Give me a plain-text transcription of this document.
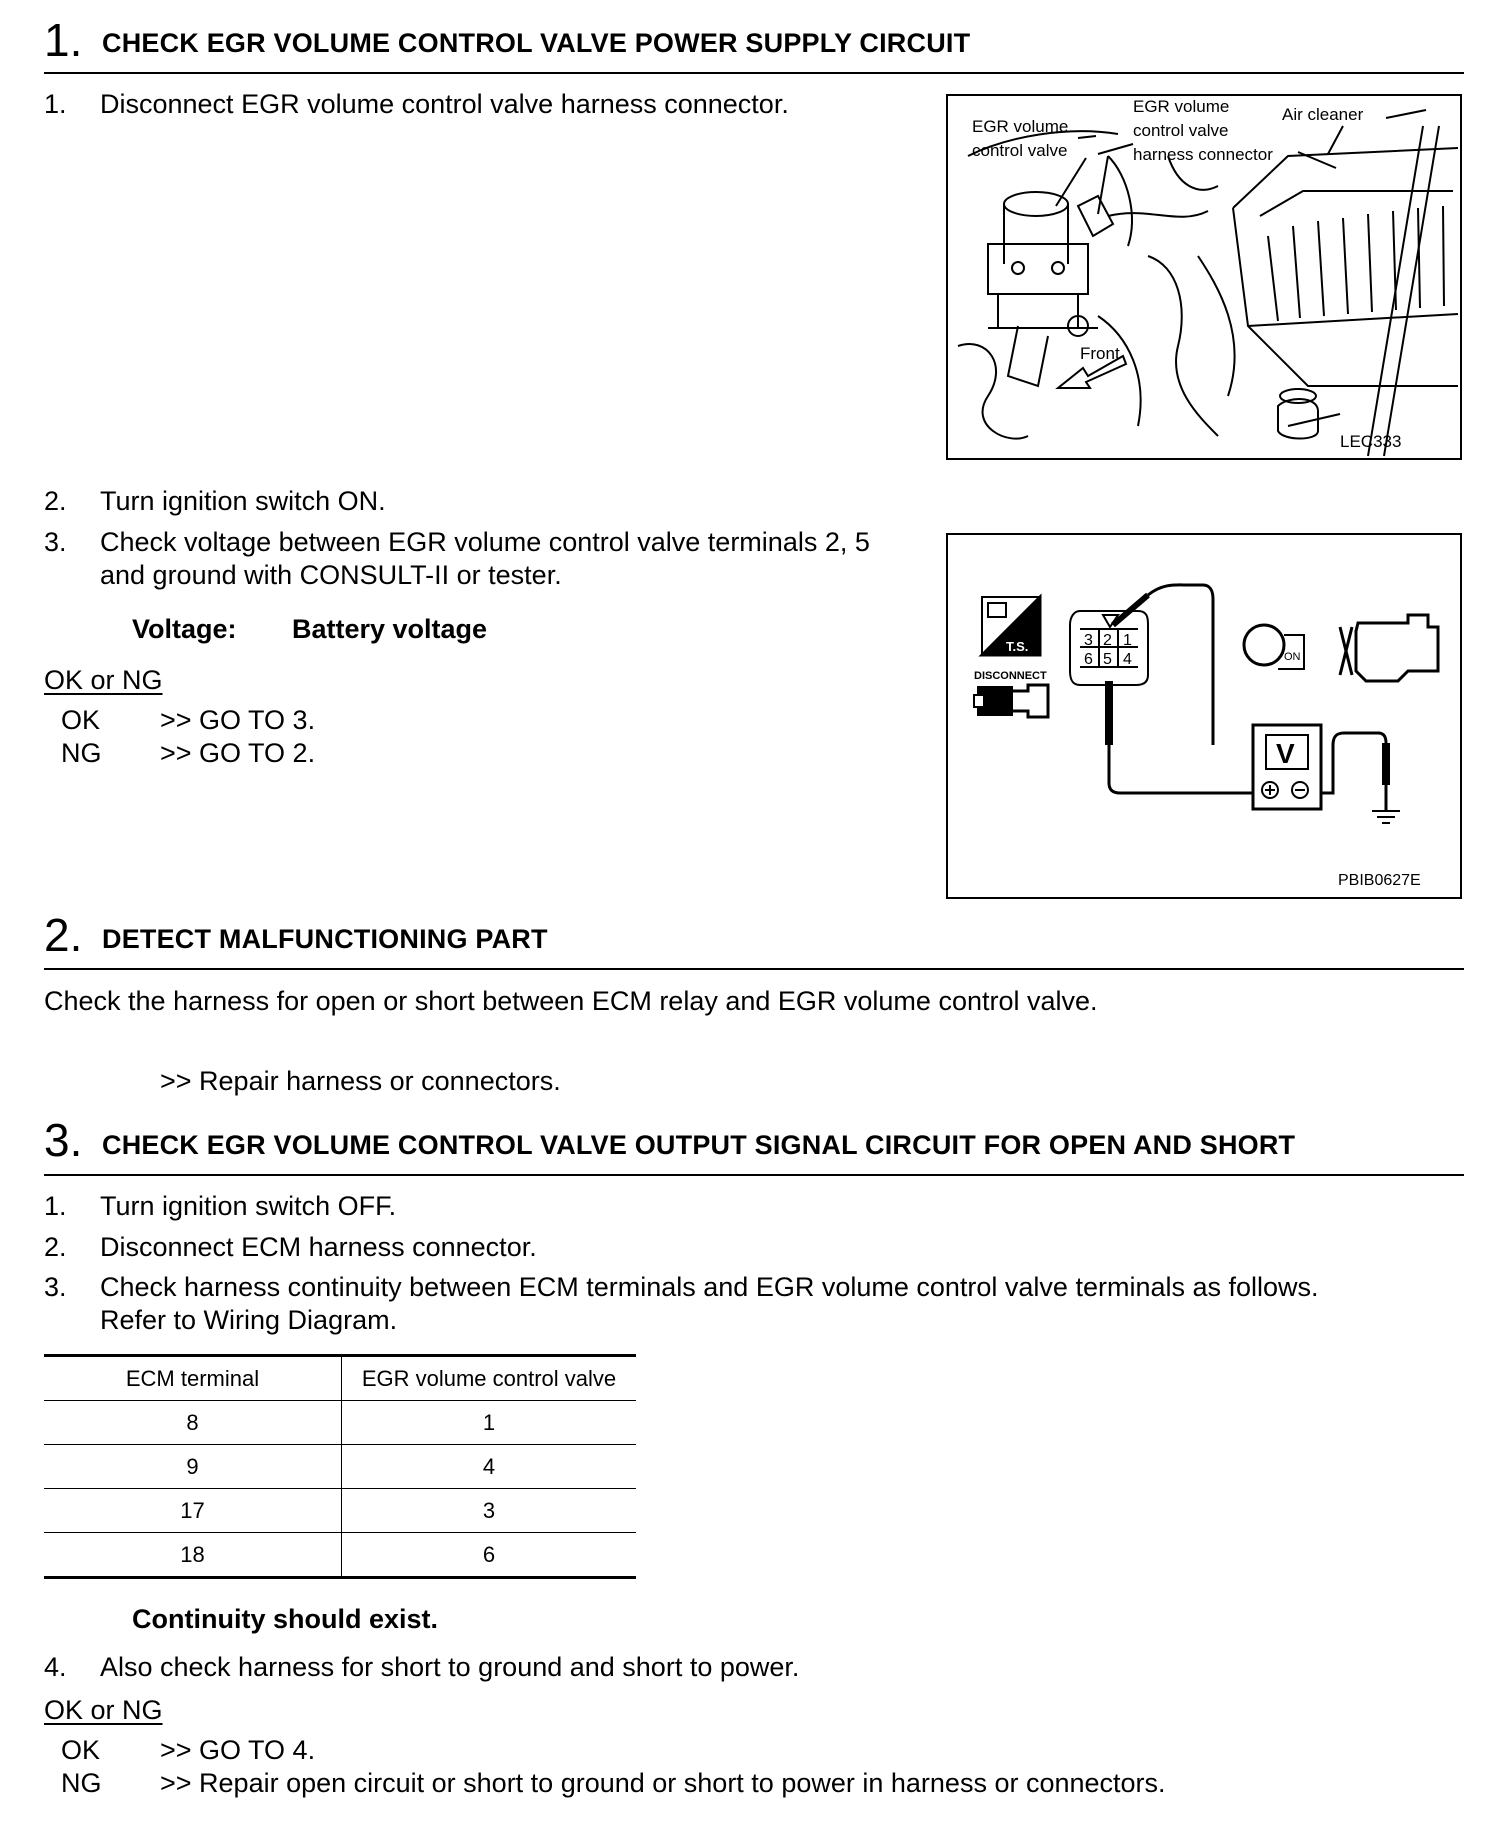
1. CHECK EGR VOLUME CONTROL VALVE POWER SUPPLY CIRCUIT
1. Disconnect EGR volume control valve harness connector.	EGR volume
control valve
harness connector
EGR volume
control valve
Air cleaner
Front
LEC333
2. Turn ignition switch ON.
3. Check voltage between EGR volume control valve terminals 2, 5
and ground with CONSULT-II or tester.
Voltage: Battery voltage
OK or NG
OK >> GO TO 3.
NG >> GO TO 2.
T.S.
DISCONNECT
3 2 1
6 5 4
V
ON
PBIB0627E
2. DETECT MALFUNCTIONING PART
Check the harness for open or short between ECM relay and EGR volume control valve.
>> Repair harness or connectors.
3. CHECK EGR VOLUME CONTROL VALVE OUTPUT SIGNAL CIRCUIT FOR OPEN AND SHORT
1. Turn ignition switch OFF.
2. Disconnect ECM harness connector.
3. Check harness continuity between ECM terminals and EGR volume control valve terminals as follows.
Refer to Wiring Diagram.
ECM terminal	EGR volume control valve
8	1
9	4
17	3
18	6
Continuity should exist.
4. Also check harness for short to ground and short to power.
OK or NG
OK >> GO TO 4.
NG >> Repair open circuit or short to ground or short to power in harness or connectors.
